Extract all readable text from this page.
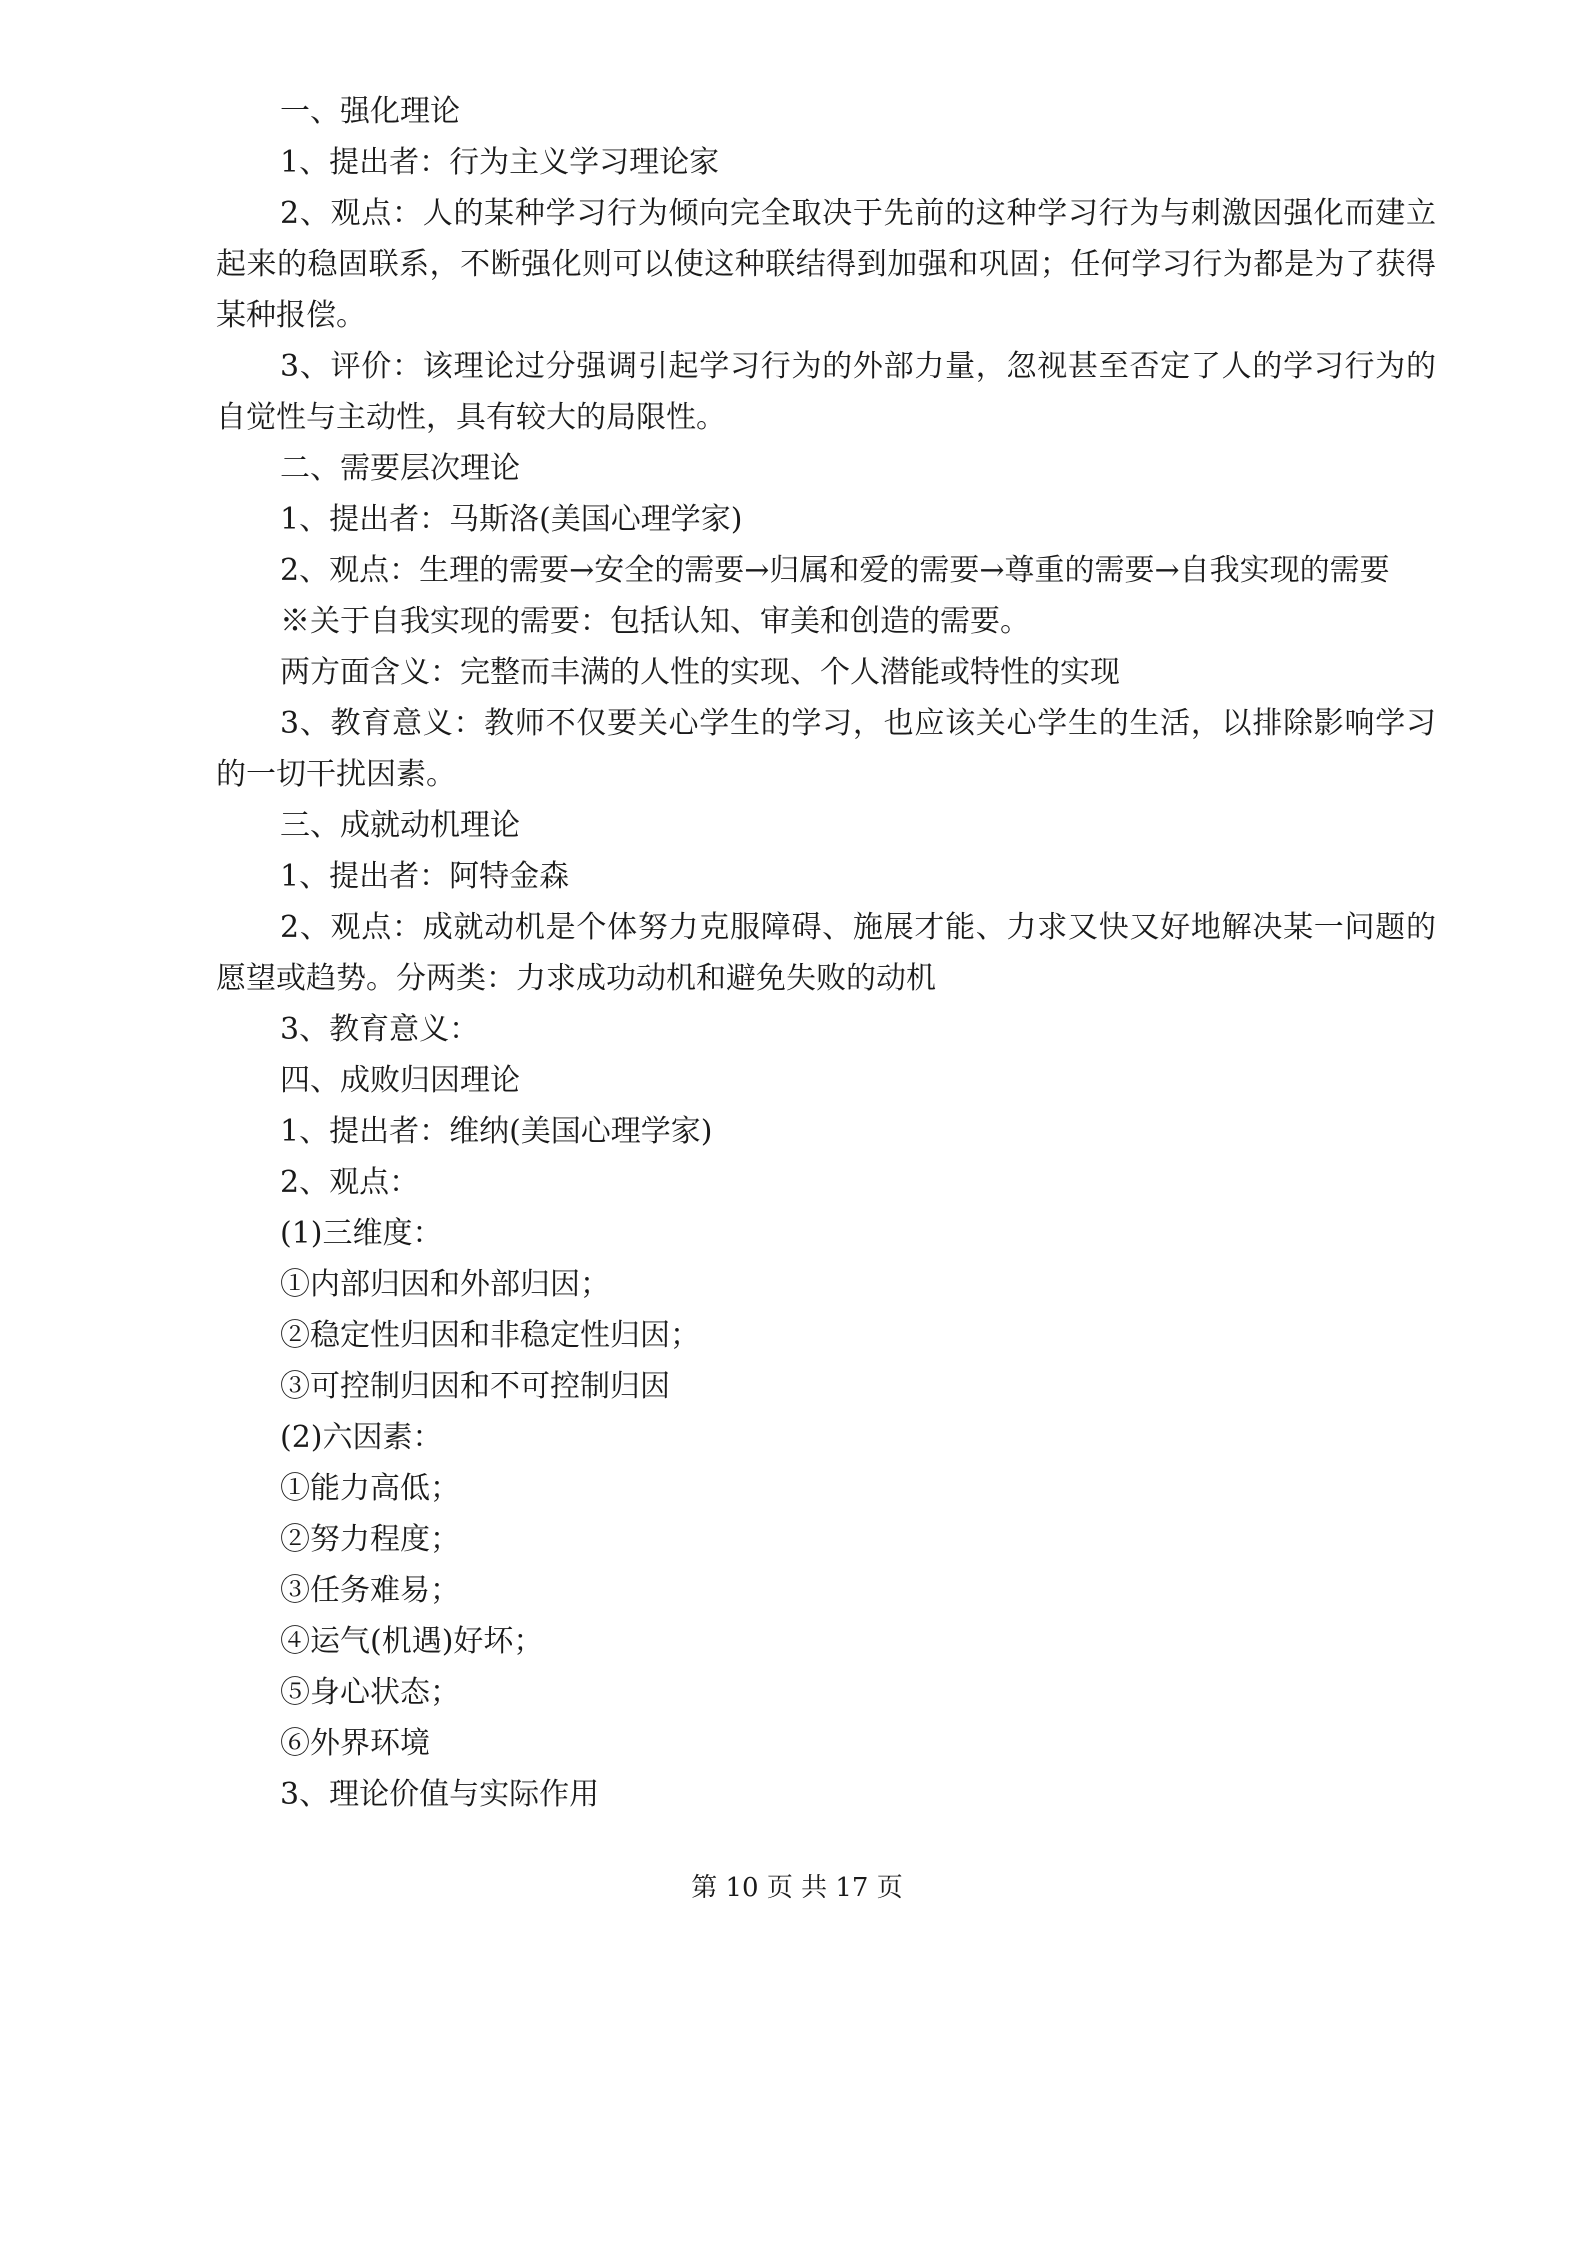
一、强化理论

1、提出者：行为主义学习理论家

2、观点：人的某种学习行为倾向完全取决于先前的这种学习行为与刺激因强化而建立起来的稳固联系，不断强化则可以使这种联结得到加强和巩固；任何学习行为都是为了获得某种报偿。

3、评价：该理论过分强调引起学习行为的外部力量，忽视甚至否定了人的学习行为的自觉性与主动性，具有较大的局限性。

二、需要层次理论

1、提出者：马斯洛(美国心理学家)

2、观点：生理的需要→安全的需要→归属和爱的需要→尊重的需要→自我实现的需要

※关于自我实现的需要：包括认知、审美和创造的需要。

两方面含义：完整而丰满的人性的实现、个人潜能或特性的实现

3、教育意义：教师不仅要关心学生的学习，也应该关心学生的生活，以排除影响学习的一切干扰因素。

三、成就动机理论

1、提出者：阿特金森

2、观点：成就动机是个体努力克服障碍、施展才能、力求又快又好地解决某一问题的愿望或趋势。分两类：力求成功动机和避免失败的动机

3、教育意义：

四、成败归因理论

1、提出者：维纳(美国心理学家)

2、观点：

(1)三维度：

①内部归因和外部归因；

②稳定性归因和非稳定性归因；

③可控制归因和不可控制归因

(2)六因素：

①能力高低；

②努力程度；

③任务难易；

④运气(机遇)好坏；

⑤身心状态；

⑥外界环境

3、理论价值与实际作用

第 10 页 共 17 页
